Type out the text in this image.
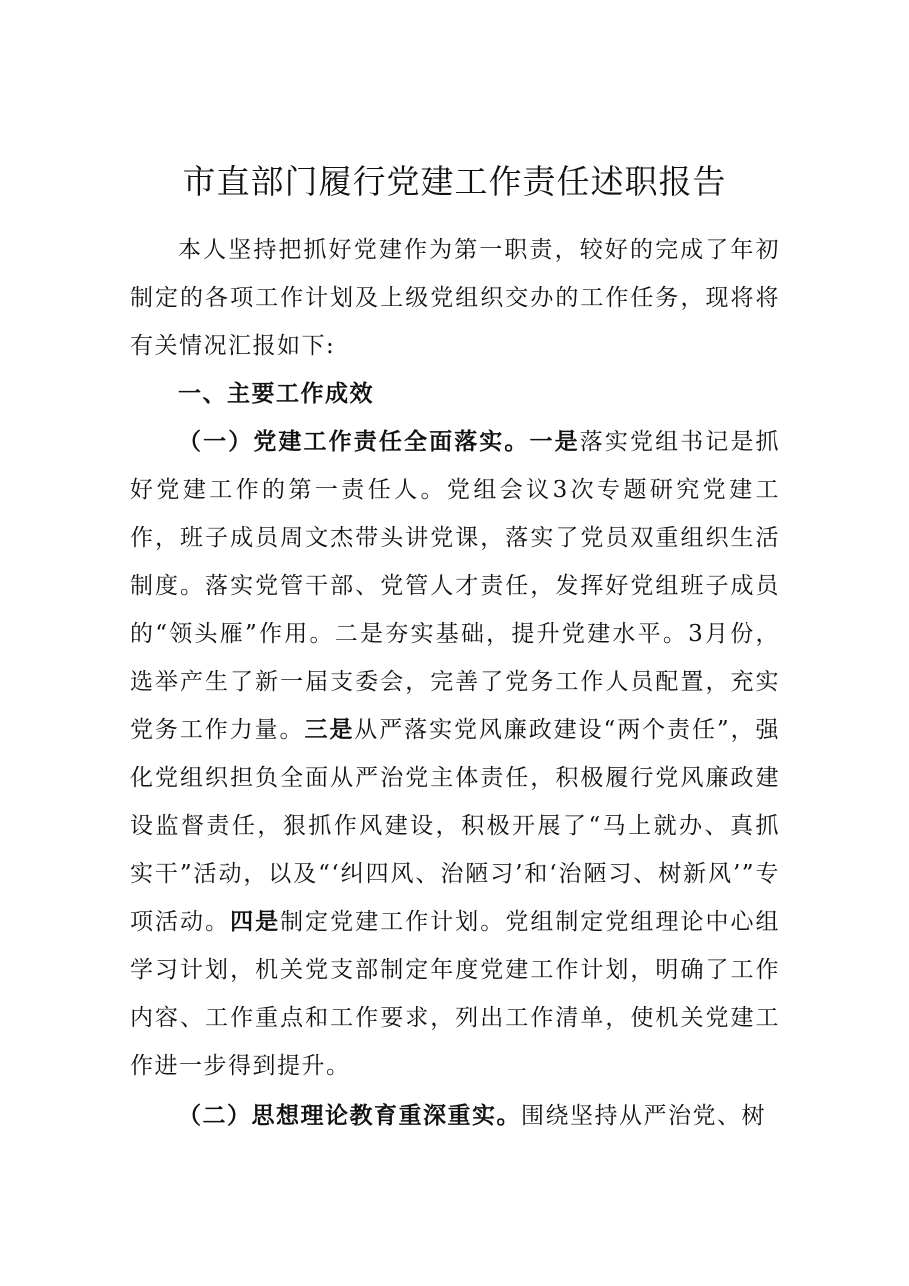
市直部门履行党建工作责任述职报告

本人坚持把抓好党建作为第一职责，较好的完成了年初制定的各项工作计划及上级党组织交办的工作任务，现将将有关情况汇报如下:

一、主要工作成效

（一）党建工作责任全面落实。一是落实党组书记是抓好党建工作的第一责任人。党组会议3次专题研究党建工作，班子成员周文杰带头讲党课，落实了党员双重组织生活制度。落实党管干部、党管人才责任，发挥好党组班子成员的“领头雁”作用。二是夯实基础，提升党建水平。3月份，选举产生了新一届支委会，完善了党务工作人员配置，充实党务工作力量。三是从严落实党风廉政建设“两个责任”，强化党组织担负全面从严治党主体责任，积极履行党风廉政建设监督责任，狠抓作风建设，积极开展了“马上就办、真抓实干”活动，以及“‘纠四风、治陋习’和‘治陋习、树新风’”专项活动。四是制定党建工作计划。党组制定党组理论中心组学习计划，机关党支部制定年度党建工作计划，明确了工作内容、工作重点和工作要求，列出工作清单，使机关党建工作进一步得到提升。

（二）思想理论教育重深重实。围绕坚持从严治党、树
